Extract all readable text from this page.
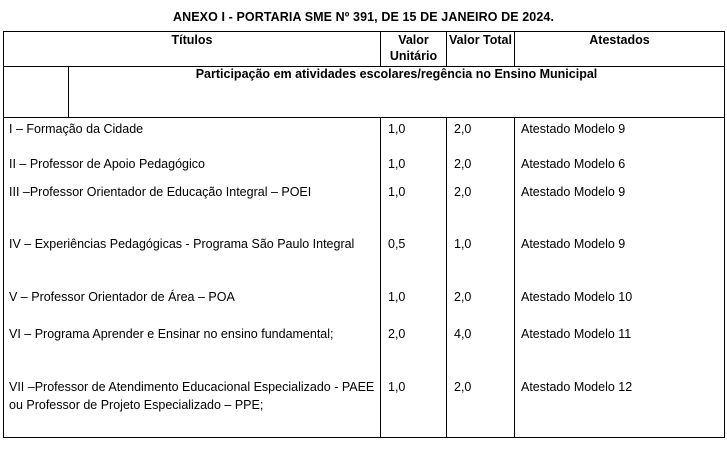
ANEXO I - PORTARIA SME Nº 391, DE 15 DE JANEIRO DE 2024.
Títulos		Valor Unitário	Valor Total	Atestados
	Participação em atividades escolares/regência no Ensino Municipal			
I – Formação da Cidade		1,0	2,0	Atestado Modelo 9
II – Professor de Apoio Pedagógico		1,0	2,0	Atestado Modelo 6
III –Professor Orientador de Educação Integral – POEI		1,0	2,0	Atestado Modelo 9
IV – Experiências Pedagógicas - Programa São Paulo Integral		0,5	1,0	Atestado Modelo 9
V – Professor Orientador de Área – POA		1,0	2,0	Atestado Modelo 10
VI – Programa Aprender e Ensinar no ensino fundamental;		2,0	4,0	Atestado Modelo 11
VII –Professor de Atendimento Educacional Especializado - PAEE ou Professor de Projeto Especializado – PPE;		1,0	2,0	Atestado Modelo 12
